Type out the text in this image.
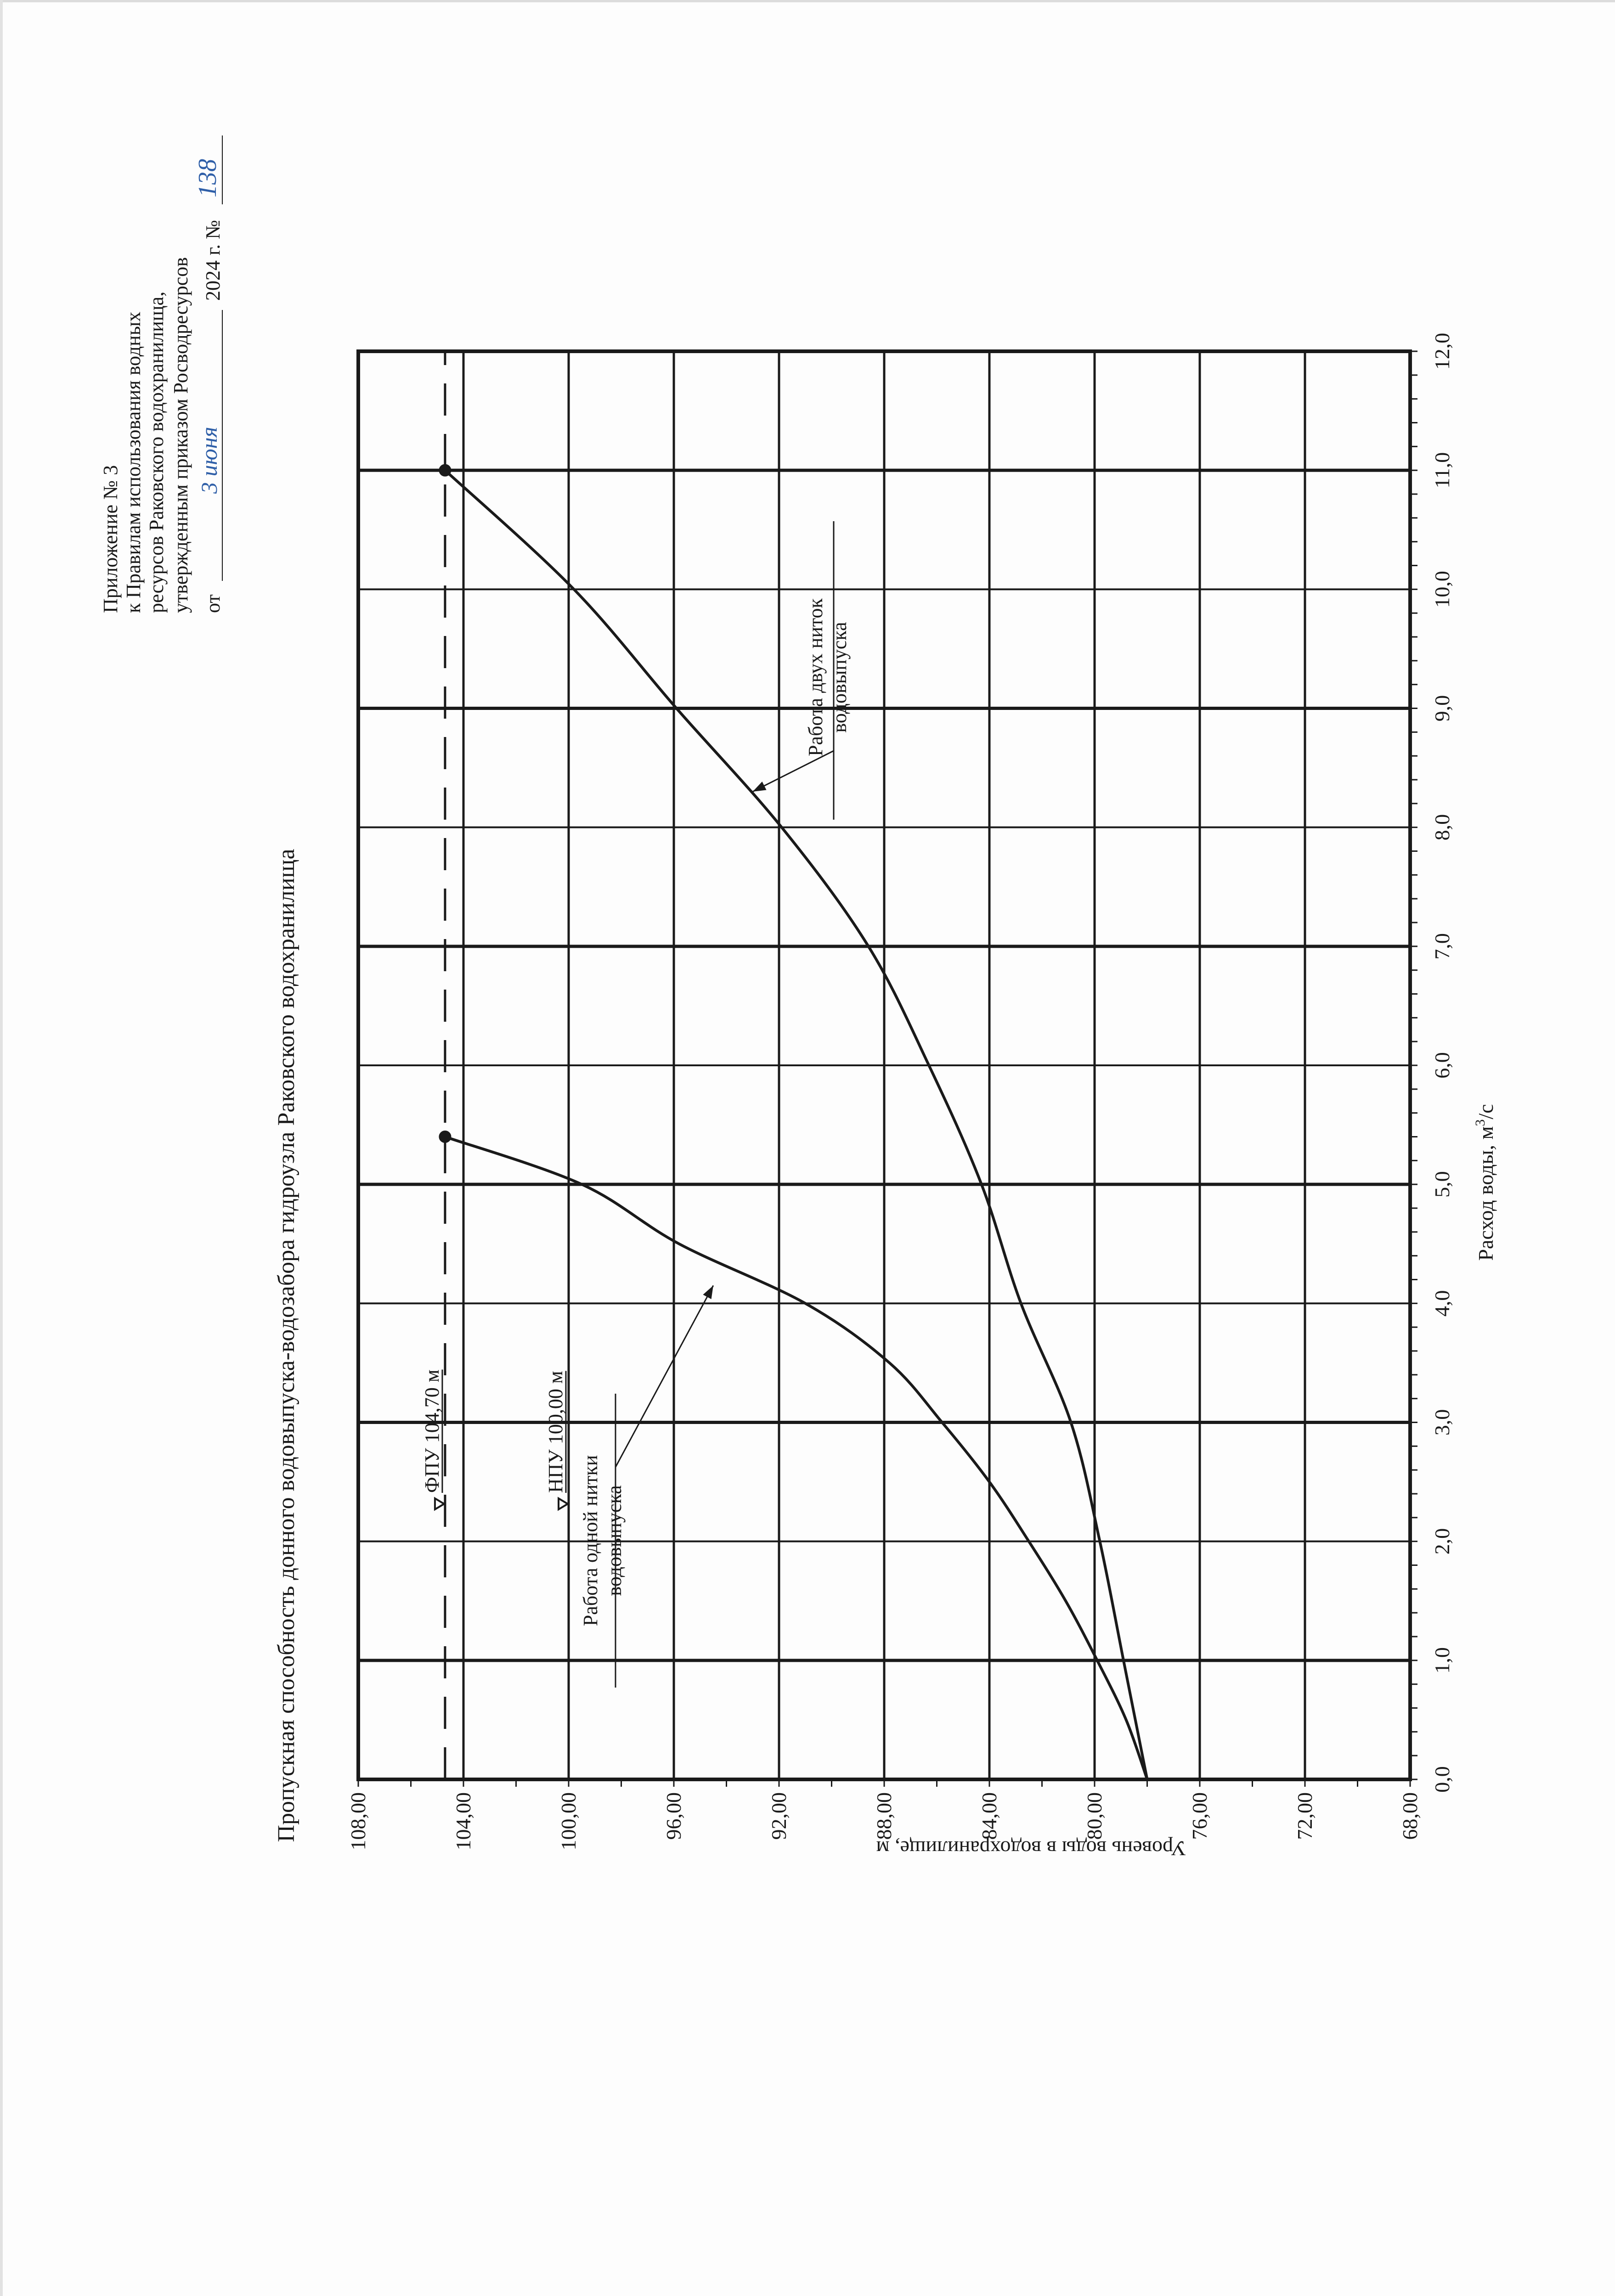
Приложение № 3 к Правилам использования водных ресурсов Раковского водохранилища, утвержденным приказом Росводресурсов от
3 июня
2024 г. №
138
Пропускная способность донного водовыпуска-водозабора гидроузла Раковского водохранилища
Уровень воды в водохранилище, м
Расход воды, $м^3/с$
0,0
1,0
2,0
3,0
4,0
5,0
6,0
7,0
8,0
9,0
10,0
11,0
12,0
68,00
72,00
76,00
80,00
84,00
88,00
92,00
96,00
100,00
104,00
108,00
ФПУ 104,70 м	НПУ 100,00 м
Работа одной нитки водовыпуска
Работа двух ниток водовыпуска
